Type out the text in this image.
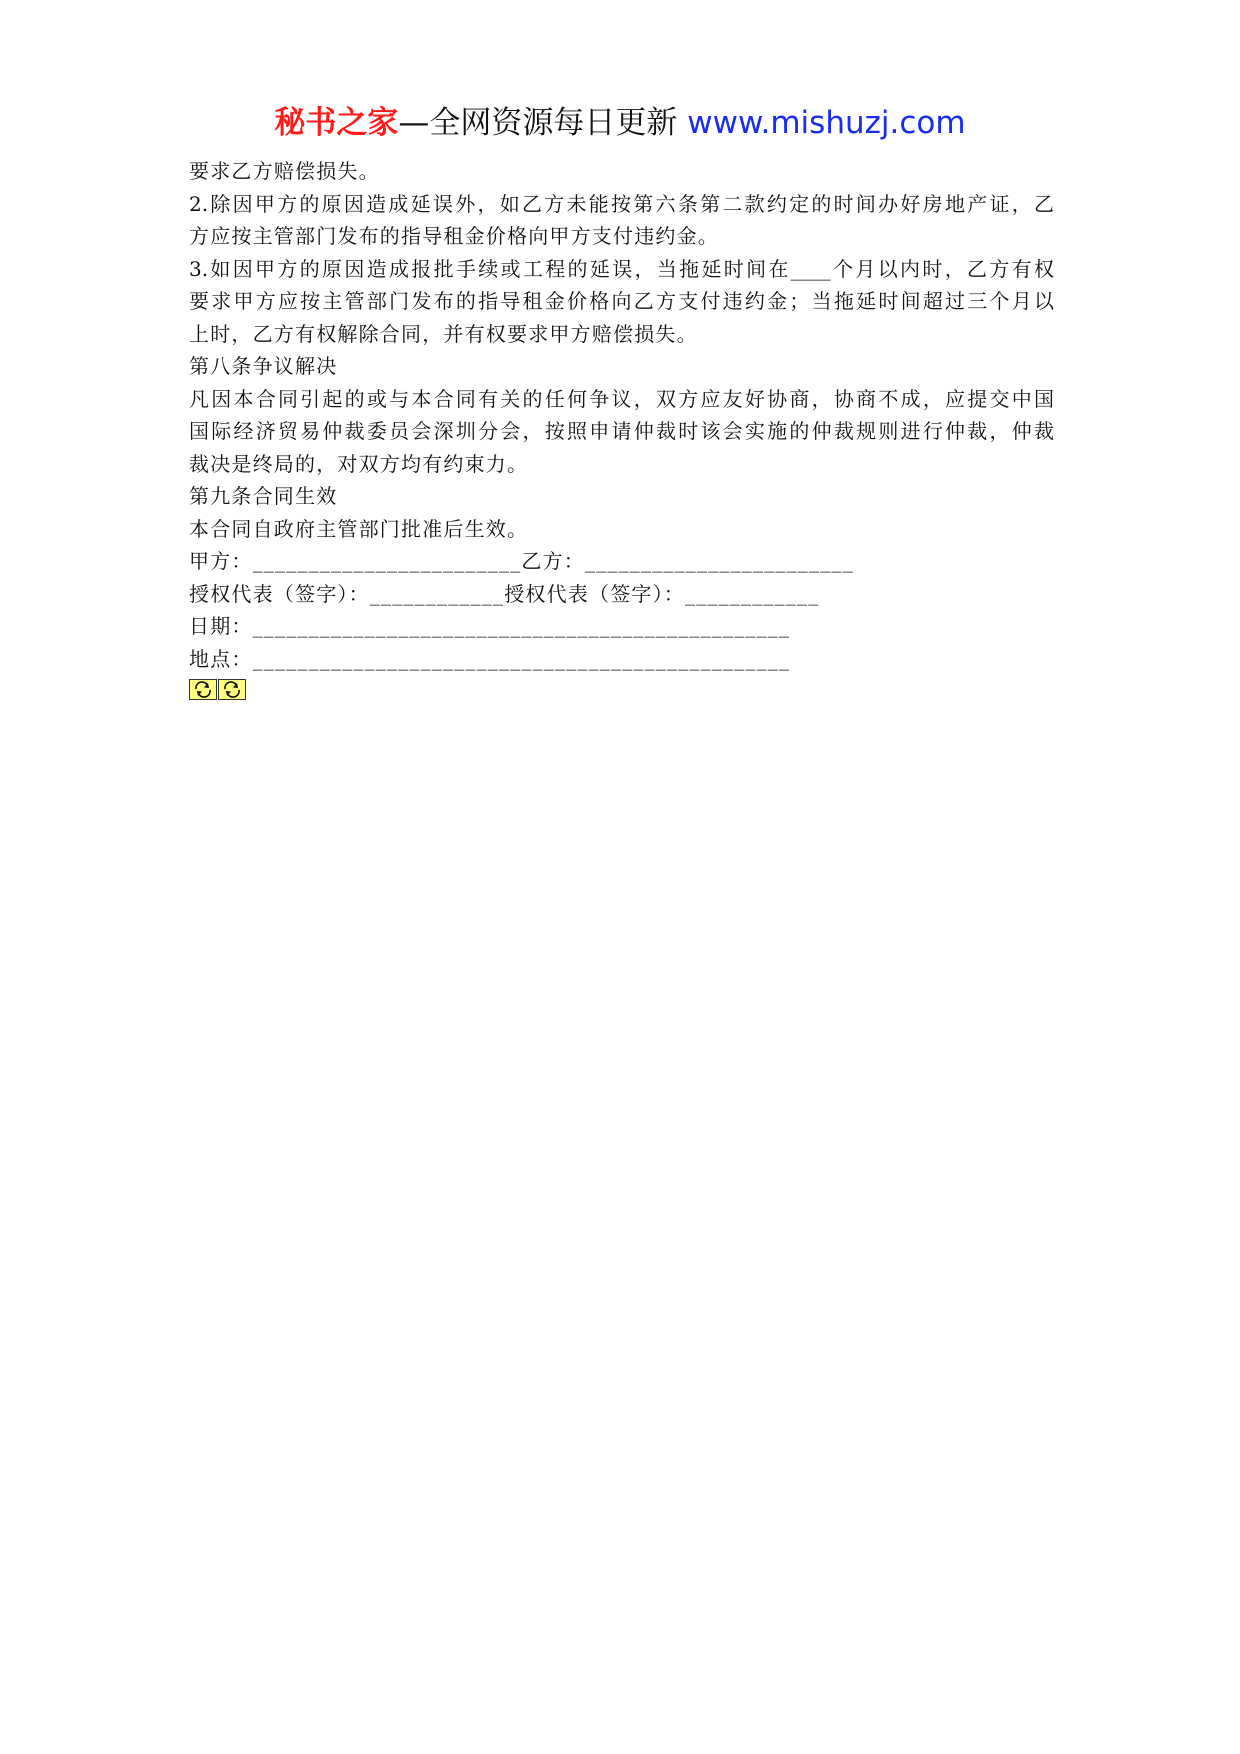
秘书之家—全网资源每日更新 www.mishuzj.com
要求乙方赔偿损失。
2.除因甲方的原因造成延误外，如乙方未能按第六条第二款约定的时间办好房地产证，乙
方应按主管部门发布的指导租金价格向甲方支付违约金。
3.如因甲方的原因造成报批手续或工程的延误，当拖延时间在____个月以内时，乙方有权
要求甲方应按主管部门发布的指导租金价格向乙方支付违约金；当拖延时间超过三个月以
上时，乙方有权解除合同，并有权要求甲方赔偿损失。
第八条争议解决
凡因本合同引起的或与本合同有关的任何争议，双方应友好协商，协商不成，应提交中国
国际经济贸易仲裁委员会深圳分会，按照申请仲裁时该会实施的仲裁规则进行仲裁，仲裁
裁决是终局的，对双方均有约束力。
第九条合同生效
本合同自政府主管部门批准后生效。
甲方：________________________乙方：________________________
授权代表（签字）：____________授权代表（签字）：____________
日期：________________________________________________
地点：________________________________________________
